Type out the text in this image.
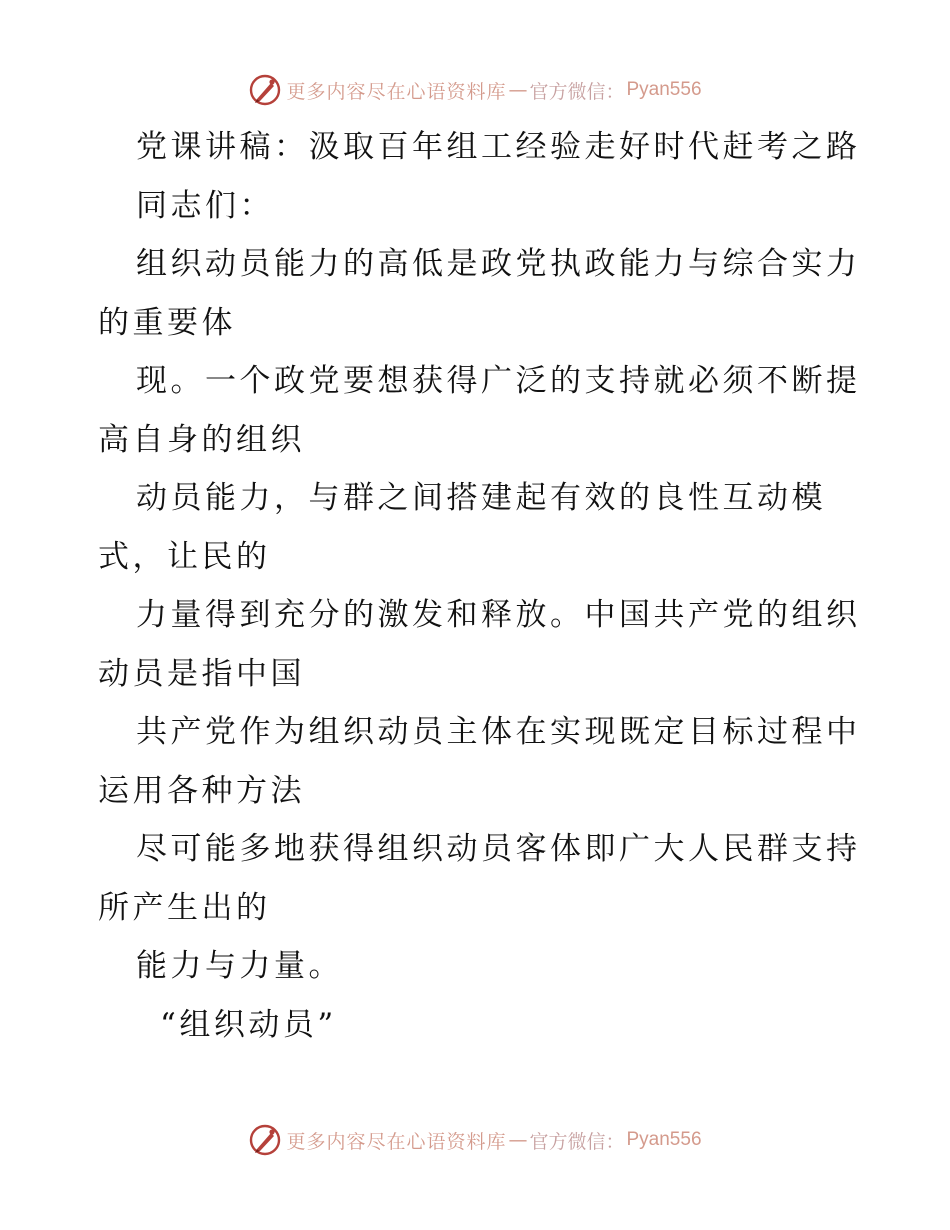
更多内容尽在心语资料库 — 官方微信： Pyan556
党课讲稿：汲取百年组工经验走好时代赶考之路
同志们：
组织动员能力的高低是政党执政能力与综合实力
的重要体
现。一个政党要想获得广泛的支持就必须不断提
高自身的组织
动员能力，与群之间搭建起有效的良性互动模
式，让民的
力量得到充分的激发和释放。中国共产党的组织
动员是指中国
共产党作为组织动员主体在实现既定目标过程中
运用各种方法
尽可能多地获得组织动员客体即广大人民群支持
所产生出的
能力与力量。
“组织动员”
更多内容尽在心语资料库 — 官方微信： Pyan556
